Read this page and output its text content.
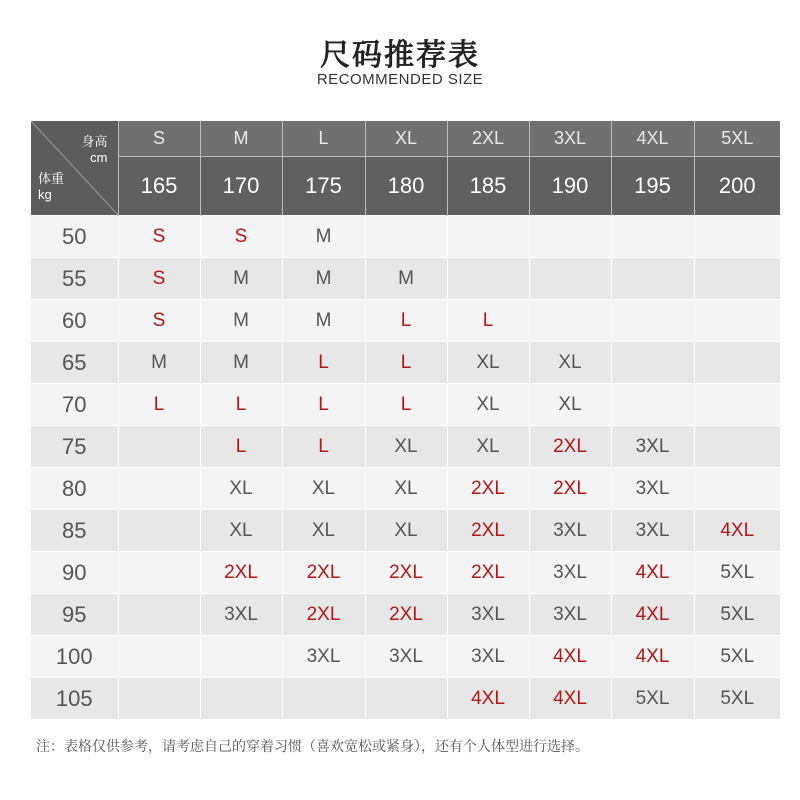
尺码推荐表
RECOMMENDED SIZE
身高
cm
体重
kg	S	M	L	XL	2XL	3XL	4XL	5XL
	165	170	175	180	185	190	195	200
50	S	S	M					
55	S	M	M	M				
60	S	M	M	L	L			
65	M	M	L	L	XL	XL		
70	L	L	L	L	XL	XL		
75		L	L	XL	XL	2XL	3XL	
80		XL	XL	XL	2XL	2XL	3XL	
85		XL	XL	XL	2XL	3XL	3XL	4XL
90		2XL	2XL	2XL	2XL	3XL	4XL	5XL
95		3XL	2XL	2XL	3XL	3XL	4XL	5XL
100			3XL	3XL	3XL	4XL	4XL	5XL
105					4XL	4XL	5XL	5XL
注：表格仅供参考，请考虑自己的穿着习惯（喜欢宽松或紧身），还有个人体型进行选择。
